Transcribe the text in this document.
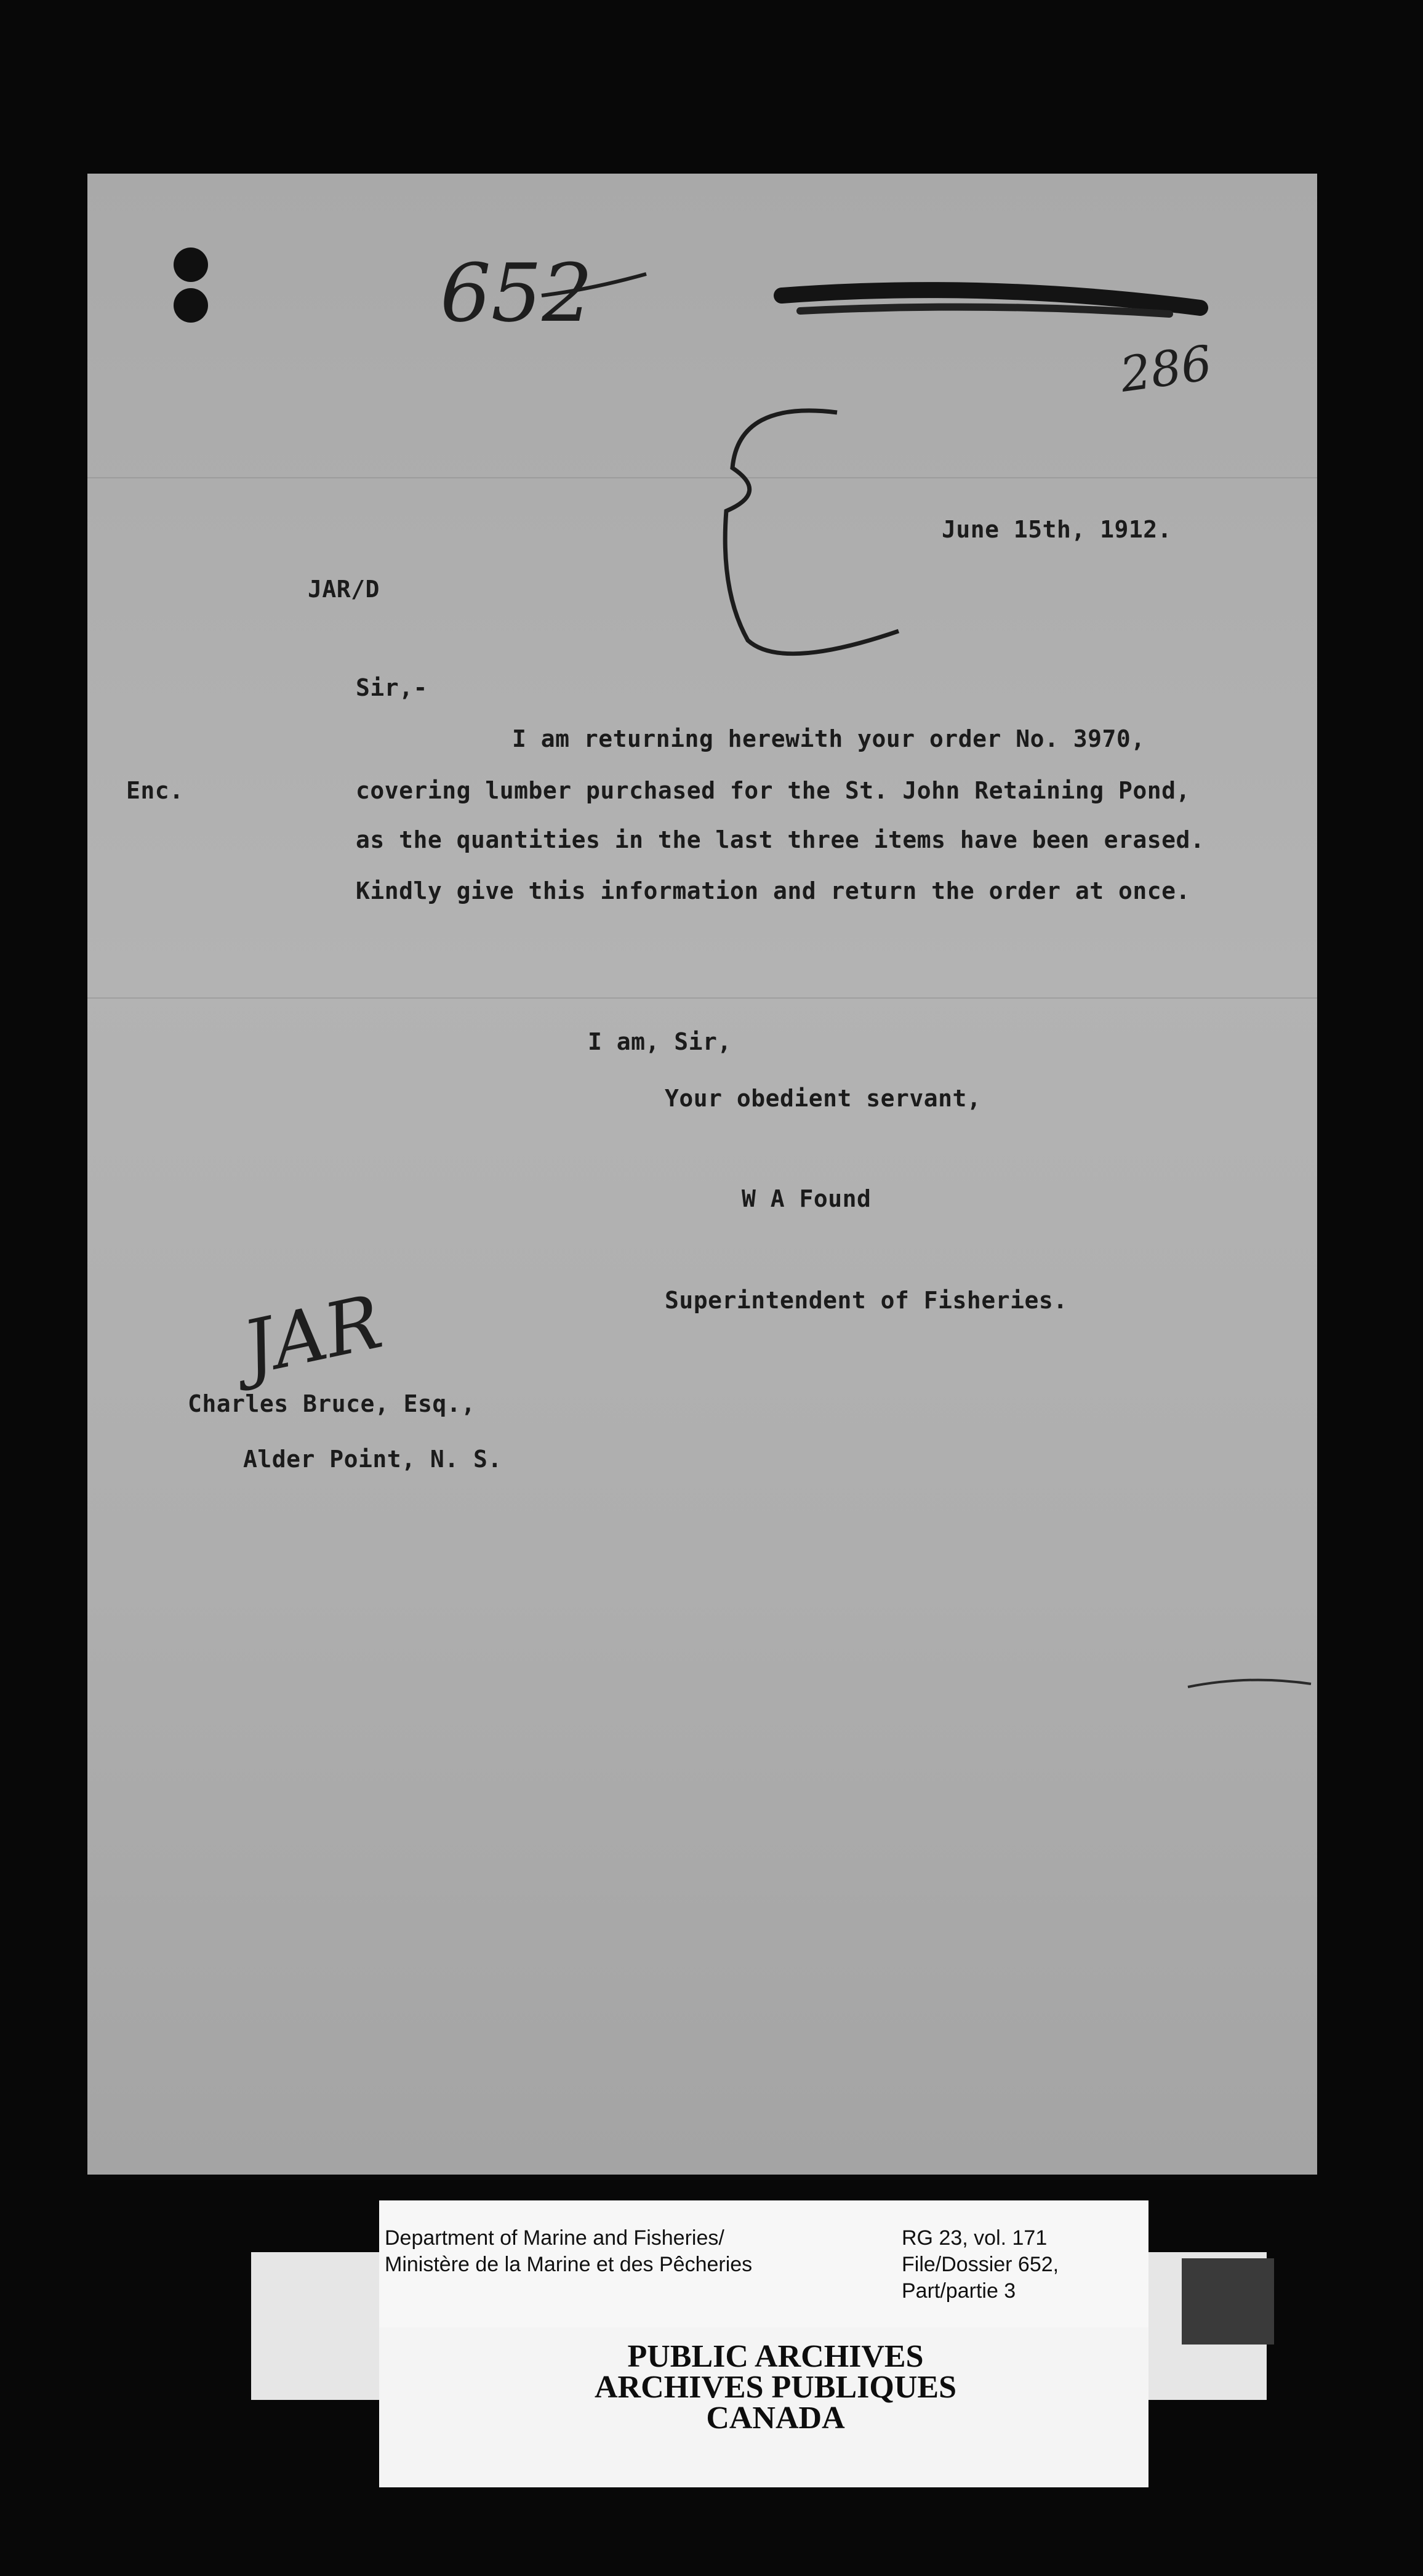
652
286
June 15th, 1912.
JAR/D
Sir,-
I am returning herewith your order No. 3970,
Enc.	covering lumber purchased for the St. John Retaining Pond,
as the quantities in the last three items have been erased.
Kindly give this information and return the order at once.
I am, Sir,
Your obedient servant,
W A Found
Superintendent of Fisheries.
JAR
Charles Bruce, Esq.,
Alder Point, N. S.
Department of Marine and Fisheries/
Ministère de la Marine et des Pêcheries
RG 23, vol. 171
File/Dossier 652,
Part/partie 3
PUBLIC ARCHIVES
ARCHIVES PUBLIQUES
CANADA
